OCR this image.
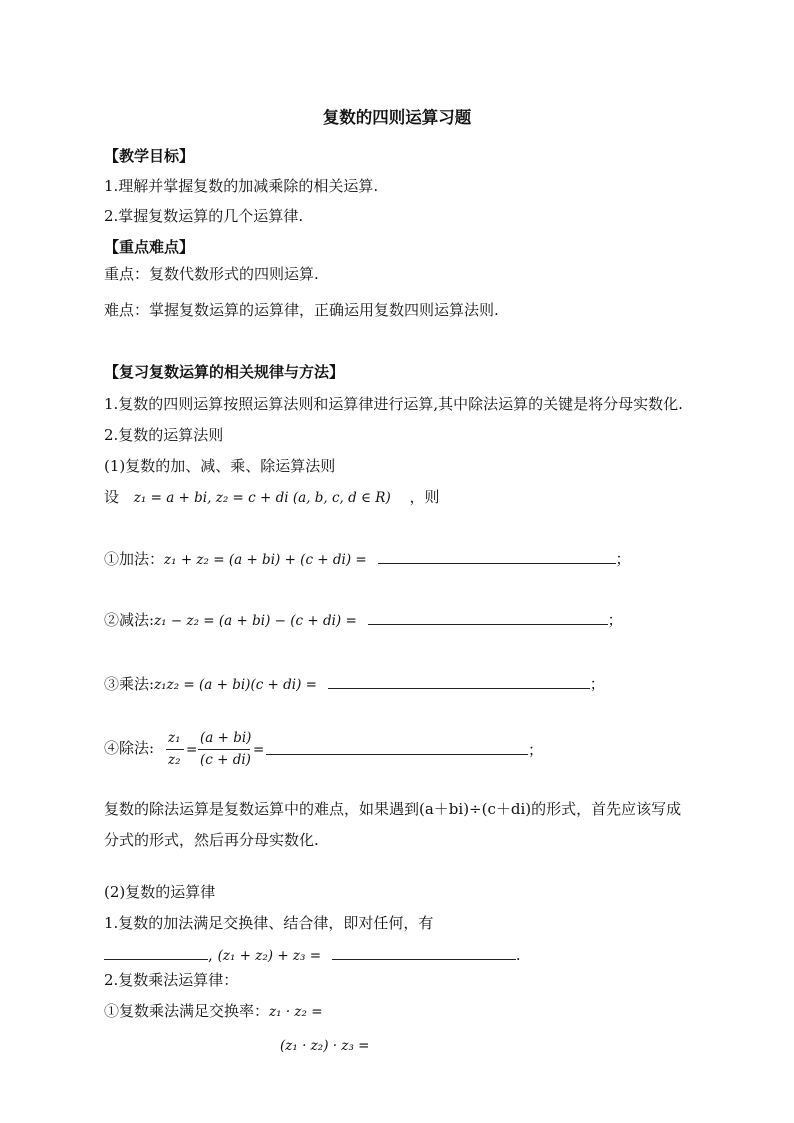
复数的四则运算习题
【教学目标】
1.理解并掌握复数的加减乘除的相关运算.
2.掌握复数运算的几个运算律.
【重点难点】
重点：复数代数形式的四则运算.
难点：掌握复数运算的运算律，正确运用复数四则运算法则.
【复习复数运算的相关规律与方法】
1.复数的四则运算按照运算法则和运算律进行运算,其中除法运算的关键是将分母实数化.
2.复数的运算法则
(1)复数的加、减、乘、除运算法则
设 z₁ = a + bi, z₂ = c + di (a, b, c, d ∈ R) ，则
①加法：z₁ + z₂ = (a + bi) + (c + di) =	；
②减法:z₁ − z₂ = (a + bi) − (c + di) =	；
③乘法:z₁z₂ = (a + bi)(c + di) =	；
④除法:
z₁
z₂
=
(a + bi)
(c + di)
=	；
复数的除法运算是复数运算中的难点，如果遇到(a＋bi)÷(c＋di)的形式，首先应该写成
分式的形式，然后再分母实数化.
(2)复数的运算律
1.复数的加法满足交换律、结合律，即对任何，有
, (z₁ + z₂) + z₃ =	.
2.复数乘法运算律：
①复数乘法满足交换率：z₁ · z₂ =
(z₁ · z₂) · z₃ =
